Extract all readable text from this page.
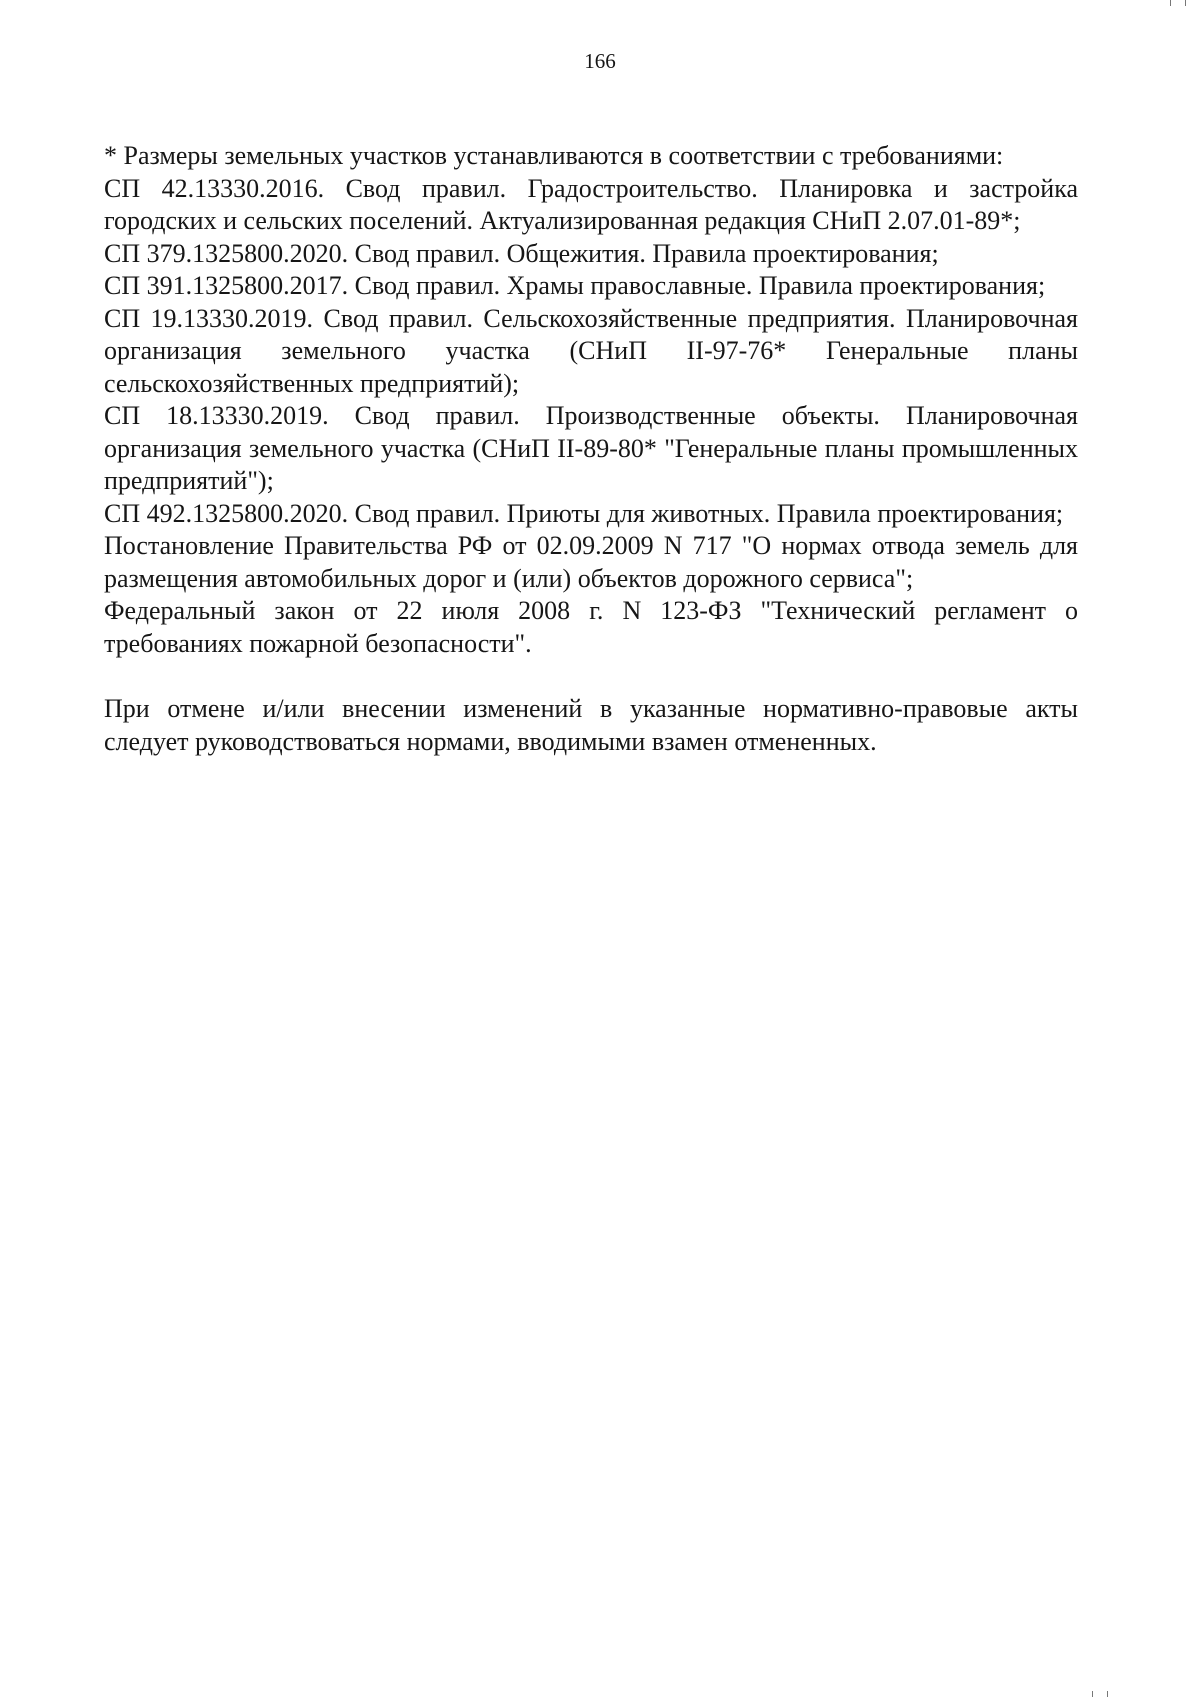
166

* Размеры земельных участков устанавливаются в соответствии с требованиями:

СП 42.13330.2016. Свод правил. Градостроительство. Планировка и застройка городских и сельских поселений. Актуализированная редакция СНиП 2.07.01-89*;

СП 379.1325800.2020. Свод правил. Общежития. Правила проектирования;

СП 391.1325800.2017. Свод правил. Храмы православные. Правила проектирования;

СП 19.13330.2019. Свод правил. Сельскохозяйственные предприятия. Планировочная организация земельного участка (СНиП II-97-76* Генеральные планы сельскохозяйственных предприятий);

СП 18.13330.2019. Свод правил. Производственные объекты. Планировочная организация земельного участка (СНиП II-89-80* "Генеральные планы промышленных предприятий");

СП 492.1325800.2020. Свод правил. Приюты для животных. Правила проектирования;

Постановление Правительства РФ от 02.09.2009 N 717 "О нормах отвода земель для размещения автомобильных дорог и (или) объектов дорожного сервиса";

Федеральный закон от 22 июля 2008 г. N 123-ФЗ "Технический регламент о требованиях пожарной безопасности".

При отмене и/или внесении изменений в указанные нормативно-правовые акты следует руководствоваться нормами, вводимыми взамен отмененных.
